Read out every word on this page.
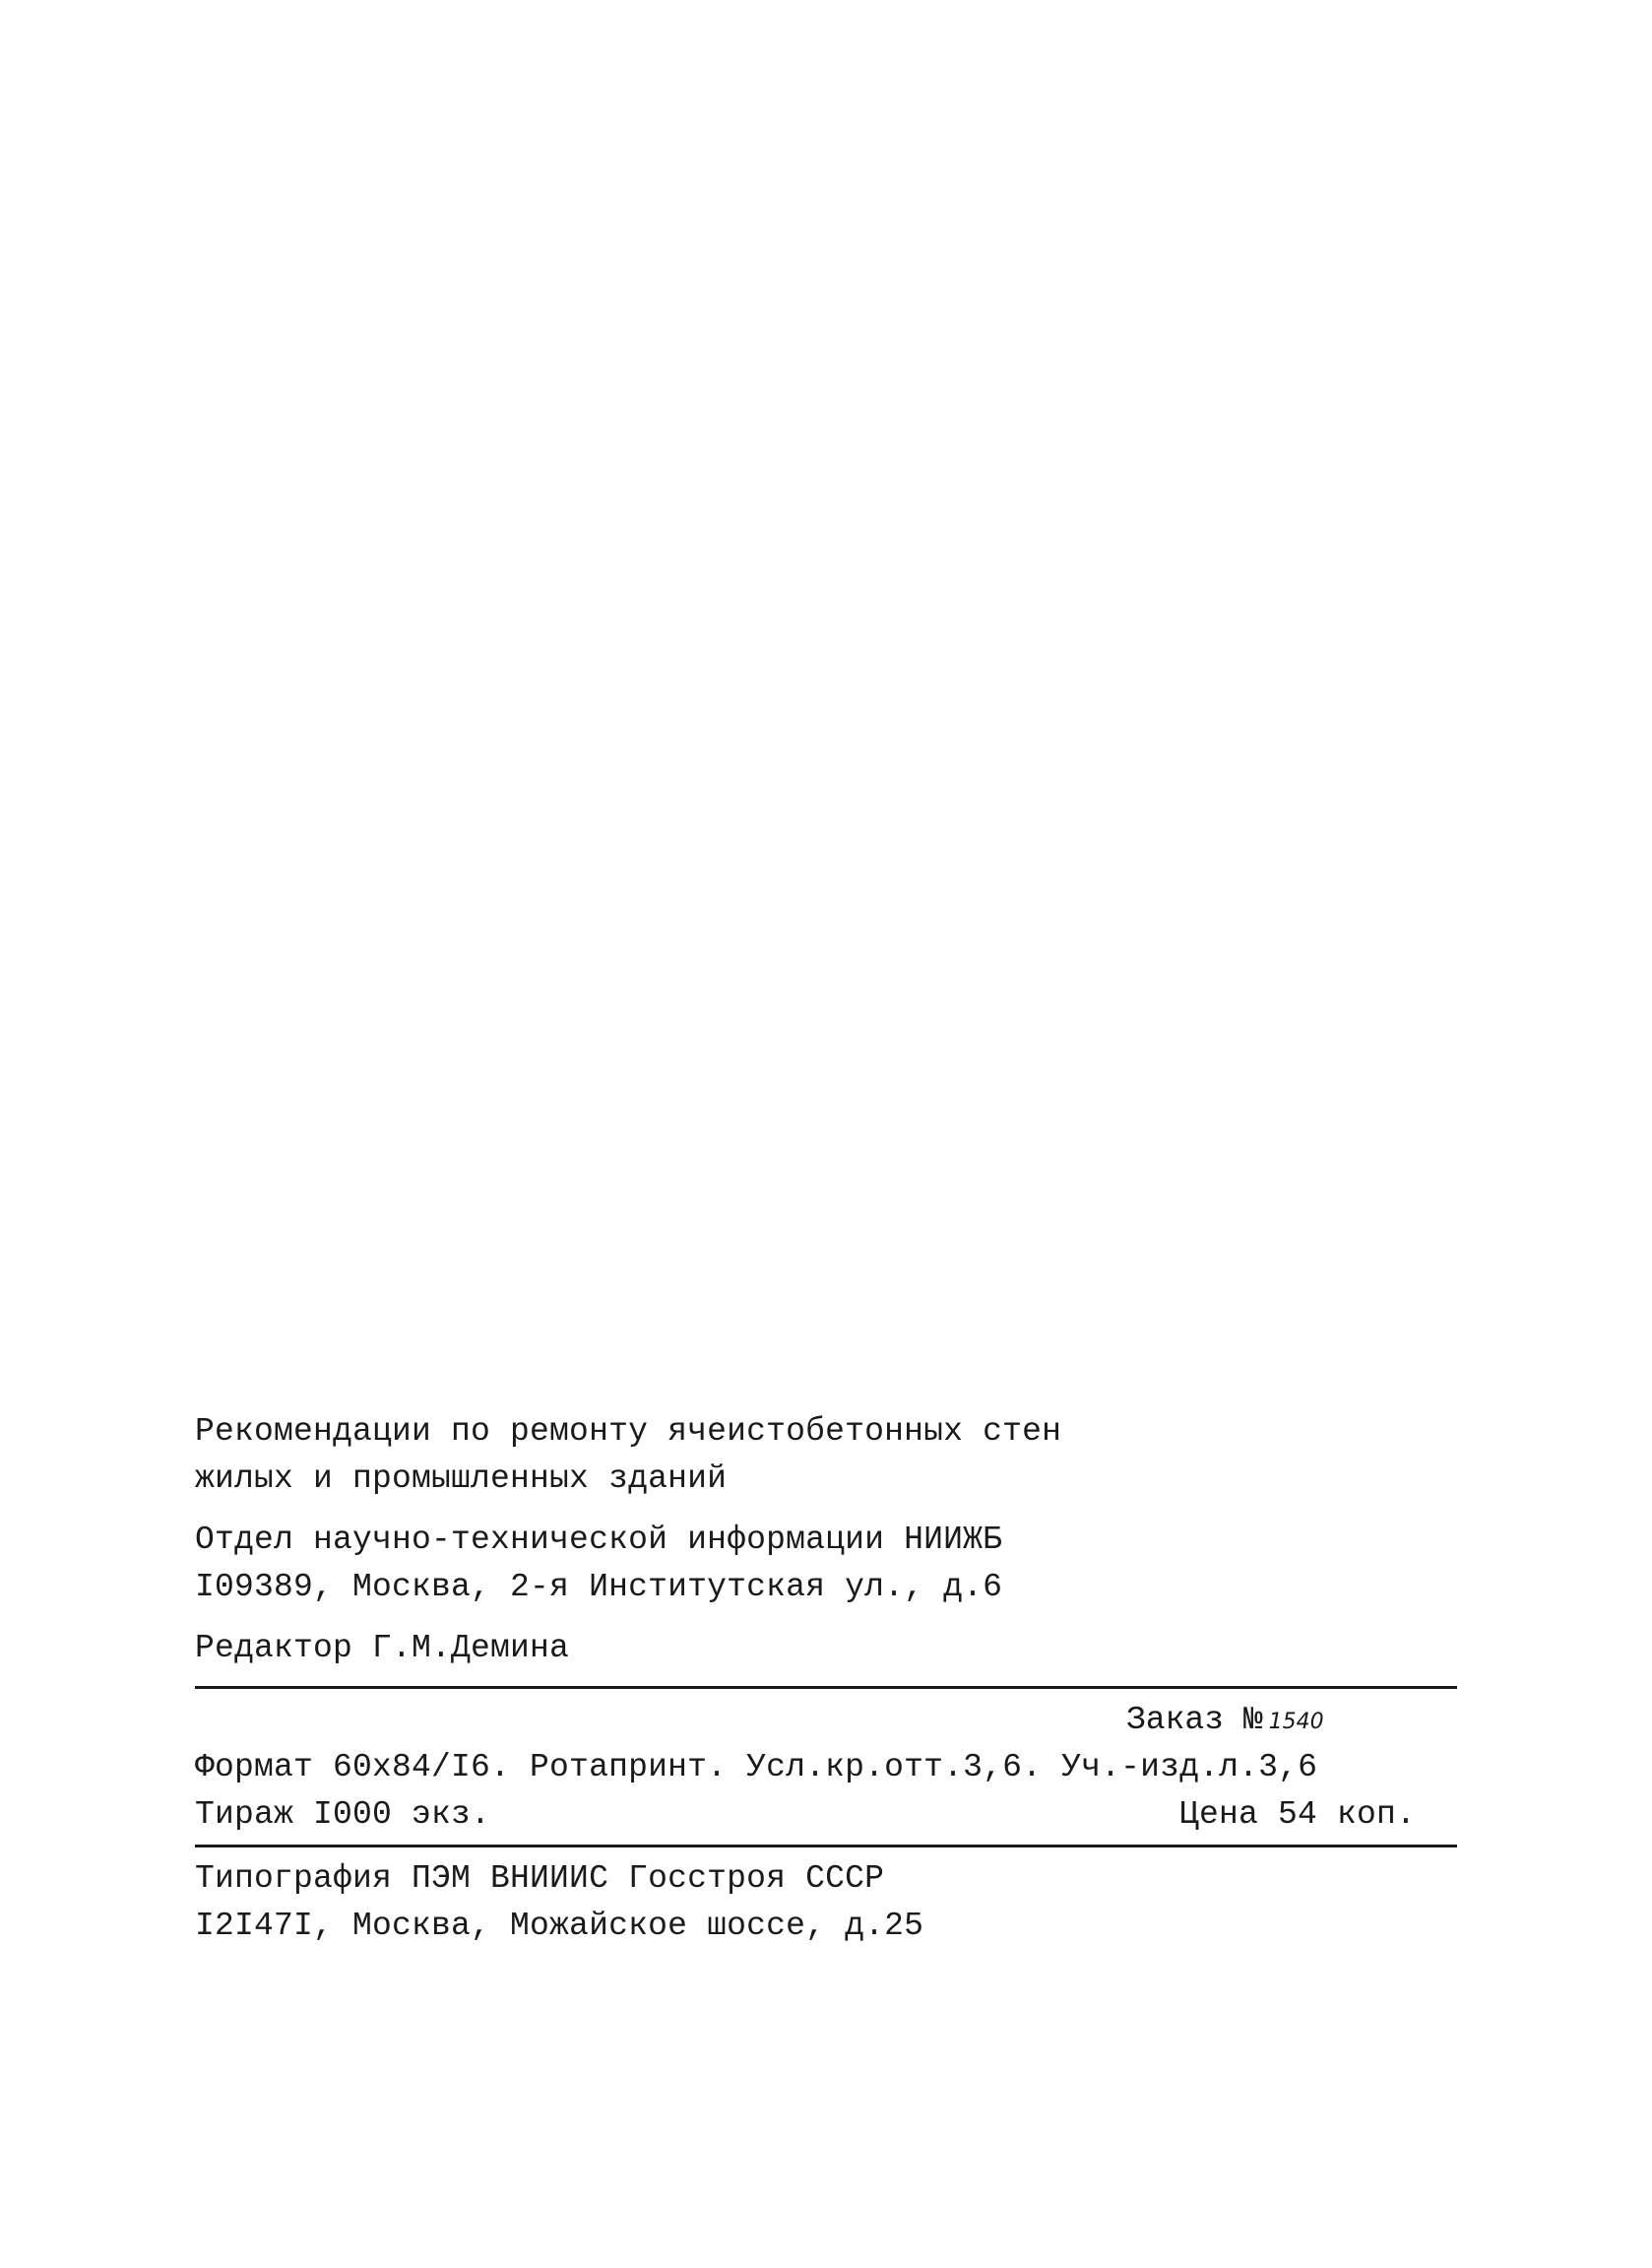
Рекомендации по ремонту ячеистобетонных стен
жилых и промышленных зданий
Отдел научно-технической информации НИИЖБ
I09389, Москва, 2-я Институтская ул., д.6
Редактор Г.М.Демина
Заказ № 1540
Формат 60x84/I6. Ротапринт. Усл.кр.отт.3,6. Уч.-изд.л.3,6
Тираж I000 экз.	Цена 54 коп.
Типография ПЭМ ВНИИИС Госстроя СССР
I2I47I, Москва, Можайское шоссе, д.25
